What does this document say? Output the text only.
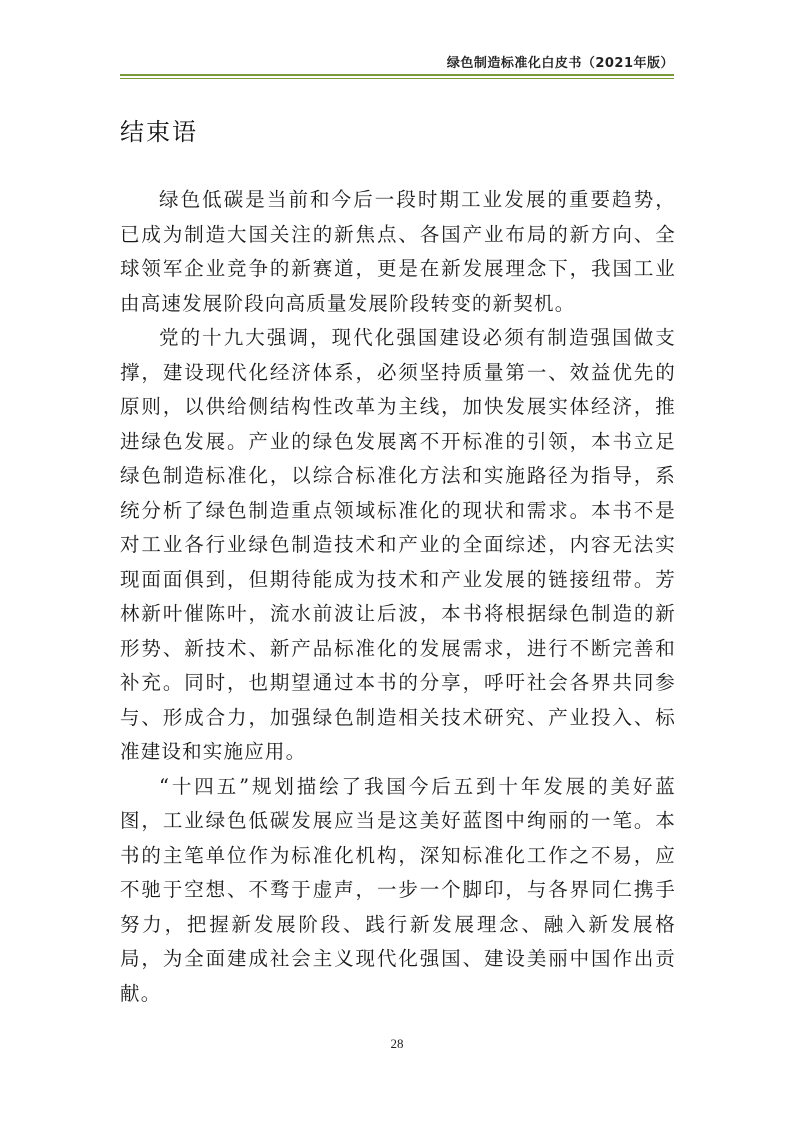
绿色制造标准化白皮书（2021年版）
结束语

绿色低碳是当前和今后一段时期工业发展的重要趋势，已成为制造大国关注的新焦点、各国产业布局的新方向、全球领军企业竞争的新赛道，更是在新发展理念下，我国工业由高速发展阶段向高质量发展阶段转变的新契机。

党的十九大强调，现代化强国建设必须有制造强国做支撑，建设现代化经济体系，必须坚持质量第一、效益优先的原则，以供给侧结构性改革为主线，加快发展实体经济，推进绿色发展。产业的绿色发展离不开标准的引领，本书立足绿色制造标准化，以综合标准化方法和实施路径为指导，系统分析了绿色制造重点领域标准化的现状和需求。本书不是对工业各行业绿色制造技术和产业的全面综述，内容无法实现面面俱到，但期待能成为技术和产业发展的链接纽带。芳林新叶催陈叶，流水前波让后波，本书将根据绿色制造的新形势、新技术、新产品标准化的发展需求，进行不断完善和补充。同时，也期望通过本书的分享，呼吁社会各界共同参与、形成合力，加强绿色制造相关技术研究、产业投入、标准建设和实施应用。

“十四五”规划描绘了我国今后五到十年发展的美好蓝图，工业绿色低碳发展应当是这美好蓝图中绚丽的一笔。本书的主笔单位作为标准化机构，深知标准化工作之不易，应不驰于空想、不骛于虚声，一步一个脚印，与各界同仁携手努力，把握新发展阶段、践行新发展理念、融入新发展格局，为全面建成社会主义现代化强国、建设美丽中国作出贡献。

28
